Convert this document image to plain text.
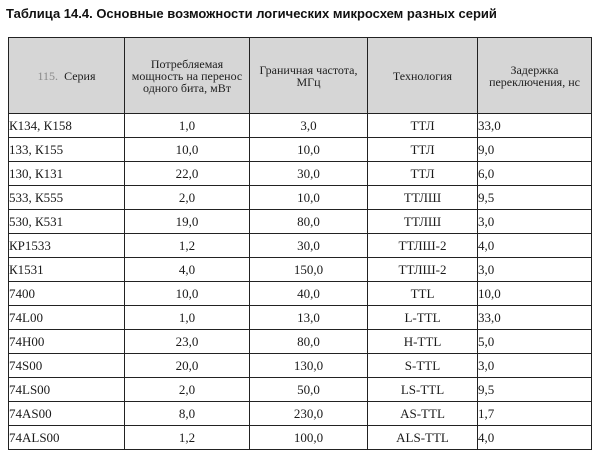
Таблица 14.4. Основные возможности логических микросхем разных серий
115. Серия	Потребляемая мощность на перенос одного бита, мВт	Граничная частота, МГц	Технология	Задержка переключения, нс
К134, К158	1,0	3,0	ТТЛ	33,0
133, К155	10,0	10,0	ТТЛ	9,0
130, К131	22,0	30,0	ТТЛ	6,0
533, К555	2,0	10,0	ТТЛШ	9,5
530, К531	19,0	80,0	ТТЛШ	3,0
КР1533	1,2	30,0	ТТЛШ-2	4,0
К1531	4,0	150,0	ТТЛШ-2	3,0
7400	10,0	40,0	TTL	10,0
74L00	1,0	13,0	L-TTL	33,0
74H00	23,0	80,0	H-TTL	5,0
74S00	20,0	130,0	S-TTL	3,0
74LS00	2,0	50,0	LS-TTL	9,5
74AS00	8,0	230,0	AS-TTL	1,7
74ALS00	1,2	100,0	ALS-TTL	4,0
